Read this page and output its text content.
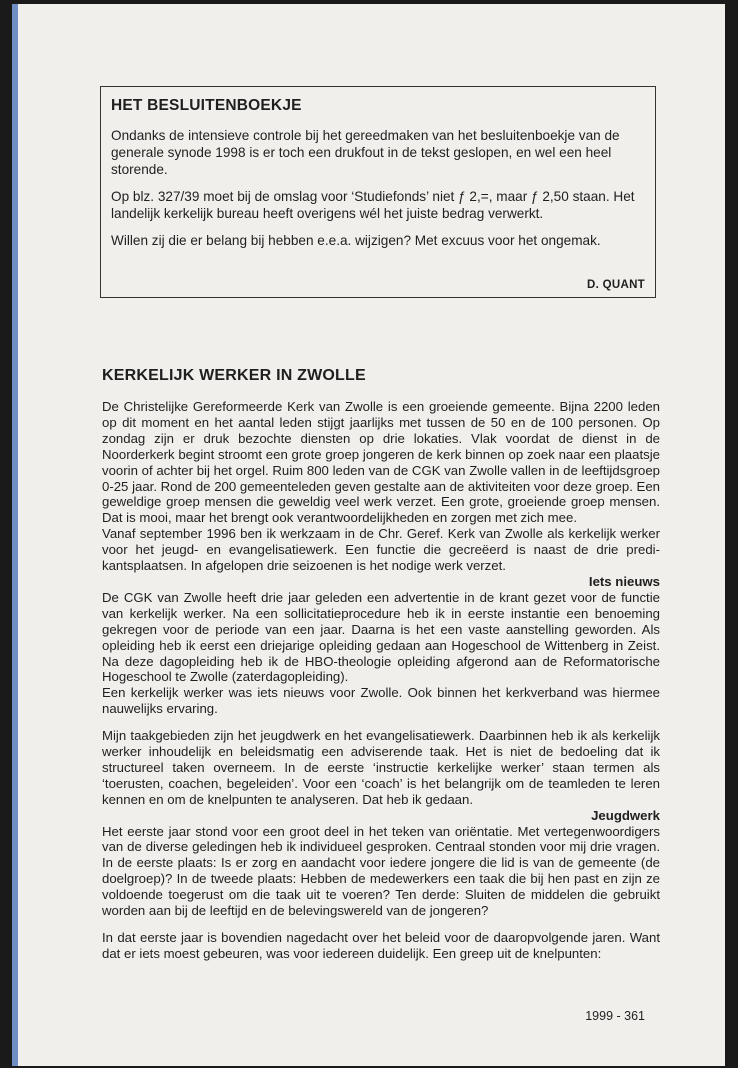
HET BESLUITENBOEKJE

Ondanks de intensieve controle bij het gereedmaken van het besluitenboekje van de generale synode 1998 is er toch een drukfout in de tekst geslopen, en wel een heel storende.

Op blz. 327/39 moet bij de omslag voor ‘Studiefonds’ niet ƒ 2,=, maar ƒ 2,50 staan. Het landelijk kerkelijk bureau heeft overigens wél het juiste bedrag verwerkt.

Willen zij die er belang bij hebben e.e.a. wijzigen? Met excuus voor het ongemak.

D. QUANT
KERKELIJK WERKER IN ZWOLLE

De Christelijke Gereformeerde Kerk van Zwolle is een groeiende gemeente. Bijna 2200 leden op dit moment en het aantal leden stijgt jaarlijks met tussen de 50 en de 100 personen. Op zondag zijn er druk bezochte diensten op drie lokaties. Vlak voordat de dienst in de Noorderkerk begint stroomt een grote groep jongeren de kerk binnen op zoek naar een plaatsje voorin of achter bij het orgel. Ruim 800 leden van de CGK van Zwolle vallen in de leeftijdsgroep 0-25 jaar. Rond de 200 gemeenteleden geven gestalte aan de aktiviteiten voor deze groep. Een geweldige groep mensen die geweldig veel werk verzet. Een grote, groeiende groep mensen. Dat is mooi, maar het brengt ook verantwoordelijkheden en zorgen met zich mee.

Vanaf september 1996 ben ik werkzaam in de Chr. Geref. Kerk van Zwolle als kerkelijk werker voor het jeugd- en evangelisatiewerk. Een functie die gecreëerd is naast de drie predikantsplaatsen. In afgelopen drie seizoenen is het nodige werk verzet.

Iets nieuws

De CGK van Zwolle heeft drie jaar geleden een advertentie in de krant gezet voor de functie van kerkelijk werker. Na een sollicitatieprocedure heb ik in eerste instantie een benoeming gekregen voor de periode van een jaar. Daarna is het een vaste aanstelling geworden. Als opleiding heb ik eerst een driejarige opleiding gedaan aan Hogeschool de Wittenberg in Zeist. Na deze dagopleiding heb ik de HBO-theologie opleiding afgerond aan de Reformatorische Hogeschool te Zwolle (zaterdagopleiding).

Een kerkelijk werker was iets nieuws voor Zwolle. Ook binnen het kerkverband was hiermee nauwelijks ervaring.

Mijn taakgebieden zijn het jeugdwerk en het evangelisatiewerk. Daarbinnen heb ik als kerkelijk werker inhoudelijk en beleidsmatig een adviserende taak. Het is niet de bedoeling dat ik structureel taken overneem. In de eerste ‘instructie kerkelijke werker’ staan termen als ‘toerusten, coachen, begeleiden’. Voor een ‘coach’ is het belangrijk om de teamleden te leren kennen en om de knelpunten te analyseren. Dat heb ik gedaan.

Jeugdwerk

Het eerste jaar stond voor een groot deel in het teken van oriëntatie. Met vertegenwoordigers van de diverse geledingen heb ik individueel gesproken. Centraal stonden voor mij drie vragen. In de eerste plaats: Is er zorg en aandacht voor iedere jongere die lid is van de gemeente (de doelgroep)? In de tweede plaats: Hebben de medewerkers een taak die bij hen past en zijn ze voldoende toegerust om die taak uit te voeren? Ten derde: Sluiten de middelen die gebruikt worden aan bij de leeftijd en de belevingswereld van de jongeren?

In dat eerste jaar is bovendien nagedacht over het beleid voor de daaropvolgende jaren. Want dat er iets moest gebeuren, was voor iedereen duidelijk. Een greep uit de knelpunten:

1999 - 361
